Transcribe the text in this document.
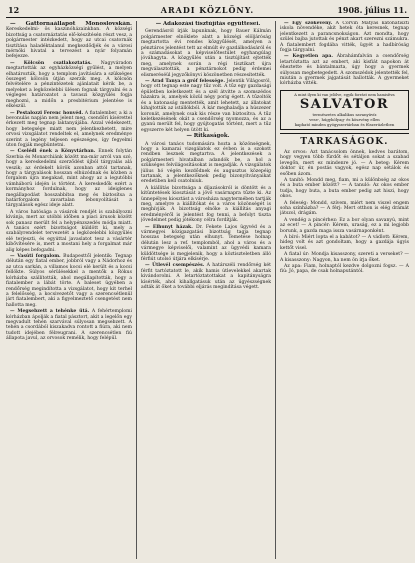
12	ARADI KÖZLÖNY.	1908. július 11.
— Gattornaállapot Monoslovskán. Kereskedelmi- ös kaszinóházainkban. A községi bizottság a csatornáztatás elő-készítésén részt vesz, a polgármester intézkedett, hogy az utcai csatornák tisztítása haladéktalanul megkezdődjék és a városi mérnöki hivatal a tervezést a nyár folyamán befejezze.
— Kölcsön csatlakoztatás. Nagyváradon megtartották az egyházközségi gyűlést, a melyen elhatározták, hogy a templom javítására a szükséges összeget kölcsön útján szerzik meg. A kölcsön felvételére a pénzintézetek ajánlatait kérik be, a melyeket a legközelebbi ülésen fognak tárgyalni és a végleges határozatot a tavaszi közgyűlés fogja meghozni, a midőn a presbitérium jelentése is elkészül.
— Pestalozzi Ferenc honvéd. A fiatalember, a ki a bevonulás napján nem jelent meg, csendőri kísérettel érkezett meg tegnap laktanyájába. Azzal védekezett, hogy betegsége miatt nem jelentkezhetett, mire orvosi vizsgálatot rendeltek el, amelynek eredménye szerint a legény teljesen egészséges, így fegyelmi úton fogják megbüntetni.
— Cselédi ének a Könyvtárban. Ennek folytán Szerbia és Monarchiánk között ma-már arról van szó, hogy a kereskedelmi szerződést újból tárgyalás alá veszik; az érdekelt körök azonban attól tartanak, hogy a tárgyalások hosszan elhúzódnak és közben a forgalom újra megakad, mint ahogy az a legutóbbi vámháború idején is történt. A kereskedők ezért a kormányhoz fordulnak, hogy az ideiglenes megállapodást hosszabbítsa meg és biztosítsa a határforgalom zavartalan lebonyolítását a tárgyalások egész ideje alatt.
A város hatósága a vásárok rendjét is szabályozni kívánja, mert az utóbbi időben a piaci árusok között sok panasz merült fel a helypénzszedés módja miatt. A tanács ezért bizottságot küldött ki, mely a szabályrendelet tervezetét a legközelebbi közgyűlés elé terjeszti, és egyúttal javaslatot tesz a vásártér kibővítésére is, mert a mostani hely a forgalmat már alig képes befogadni.
— Vasúti forgalom. Budapesttől jelentik: Tegnap délután egy fiatal ember, jobbról vagy a Nádorhoz és az utca sarkán, a villamos kocsi elé került és a kocsi fellökte. Súlyos sérülésekkel a mentők a Rókus kórházba szállították, ahol megállapították, hogy a fiatalember a lábát törte. A baleset ügyében a rendőrség megindította a vizsgálatot, hogy kit terhel a felelősség, a kocsivezetőt vagy a szerencsétlenül járt fiatalembert, aki a figyelmeztető csengetést nem hallotta meg.
— Megsebzett a tehénke ütá. A fehértemplomi kórházban ápolják a fiatal pásztort, akit a legelőn egy megvadult tehén szarvával súlyosan megsebzett. A tehén a csordából kiszakadva rontott a fiúra, aki nem tudott idejében félreugrani. A szerencsétlen fiú állapota javul, az orvosok remélik, hogy felépül.
— Adakozási tisztújítás együttesei.
Gerendásról írják lapunknak, hogy Bauer Kálmán polgármester elnöklete alatt a községi elöljáróság megtartotta évi rendes közgyűlését, amelyen a pénztáros jelentést tett az elmúlt év gazdálkodásáról és a számadásokat a képviselőtestület egyhangúlag jóváhagyta. A közgyűlés után a tisztújítást ejtették meg, amelynek során a régi tisztikart újra megválasztották, a pénztárnokot pedig érdemei elismeréséül jegyzőkönyvi köszönetben részesítették.
— Arad Tanya a gróf felessége. Jelentik Világosról, hogy ott tegnap este nagy tűz volt. A tűz egy gazdasági épületben keletkezett és a szél átvitte a szomszédos házakra is, amelyek közül négy porig égett. A tűzoltók és a katonaság mentették, amit lehetett, az állatokat kihajtották az istállókból. A kár meghaladja a húszezer koronát, amelynek csak kis része van biztosítva. A tűz keletkezésének okát a csendőrség nyomozza, és az a gyanú merült fel, hogy gyújtogatás történt, mert a tűz egyszerre két helyen ütött ki.
— Ritkaságok.
A városi tanács tudomására hozta a közönségnek, hogy a kamarai vizsgálatok ez évben is a szokott rendben lesznek megtartva. A jelentkezések a polgármesteri hivatalban adandók be, a hol a szükséges felvilágosításokat is megadják. A vizsgálatok július hó végén kezdődnek és augusztus közepéig tartanak, a jelentkezőknek pedig bizonyítványaikat eredetiben kell csatolniuk.
A kiállítás bizottsága a díjazásokról is döntött és a kitüntetések kiosztását a jövő vasárnapra tűzte ki. Az ünnepélyes kiosztást a városháza nagytermében tartják meg, amelyre a kiállítókat és a város közönségét is meghívják. A bizottság elnöke a kiállítás anyagi eredményéről is jelentést fog tenni, a befolyt tiszta jövedelmet pedig jótékony célra fordítják.
— Elhunyt házak. Dr. Fekete Lajos ügyvéd és a vármegyei közigazgatási bizottság tagja tegnap hosszas betegség után elhunyt. Temetése holnap délután lesz a ref. templomból, ahol a város és a vármegye képviselői, valamint az ügyvédi kamara küldöttsége is megjelenik, hogy a köztiszteletben álló férfiút utolsó útjára elkísérje.
— Útlevél csempészés. A határszéli rendőrség két férfit tartóztatott le, akik hamis útlevelekkel akartak kivándorolni. A letartóztatottakat a kapitányságra kísérték, ahol kihallgatásuk után az ügyészségnek adták át őket a további eljárás megindítása végett.
— Egy szökevény. A Corvin Mátyás katonatiszti iskola növendéke, akit hetek óta keresnek, tegnap jelentkezett a parancsnokságon. Azt mondta, hogy szülei bajba jutottak és pénzt akart szerezni számukra. A fiatalembert fogdába vitték, ügyét a hadbíróság fogja tárgyalni.
— Kegyetlen apa. Ábrahámfalván a csendőrség letartóztatta azt az embert, aki kisfiát napokon át éheztette és bántalmazta, úgy hogy a gyermek súlyosan megbetegedett. A szomszédok jelentették fel, miután a gyermek jajgatását hallották. A gyermeket kórházba vitték.
A mint ilyen ki van jelölve, egyik forrást nem hamisítva
SALVATOR
természetes alkalikus savanyúvíz
vese-, húgyhólyag- és köszvény ellen
kapható minden gyógyszertárban és fűszerüzletben
TARKASÁGOK.
Az orvos: Azt tanácsolom önnek, kedves barátom, hogy vegyen több fürdőt és sétáljon sokat a szabad levegőn, mert ez mindenre jó. — A beteg: Kérem doktor úr, én postás vagyok, egész nap sétálok és esőben ázom.
A tanító: Mondd meg, fiam, mi a különbség az okos és a buta ember között? — A tanuló: Az okos ember tudja, hogy buta, a buta ember pedig azt hiszi, hogy okos.
A feleség: Mondd, szívem, miért nem viszel engem soha színházba? — A férj: Mert otthon is elég drámát játszol, drágám.
A vendég a pincérhez: Ez a bor olyan savanyú, mint az ecet! — A pincér: Kérem, uraság, ez a mi legjobb borunk, a gazda maga issza vasárnaponként.
A bíró: Miért lopta el a kabátot? — A vádlott: Kérem, hideg volt és azt gondoltam, hogy a gazdája úgyis kettőt visel.
A fiatal úr: Mondja kisasszony, szereti a verseket? — A kisasszony: Nagyon, ha nem ön írja őket.
Az apa: Fiam, holnaptól kezdve dolgozni fogsz. — A fiú: Jó, papa, de csak holnaputántól.
